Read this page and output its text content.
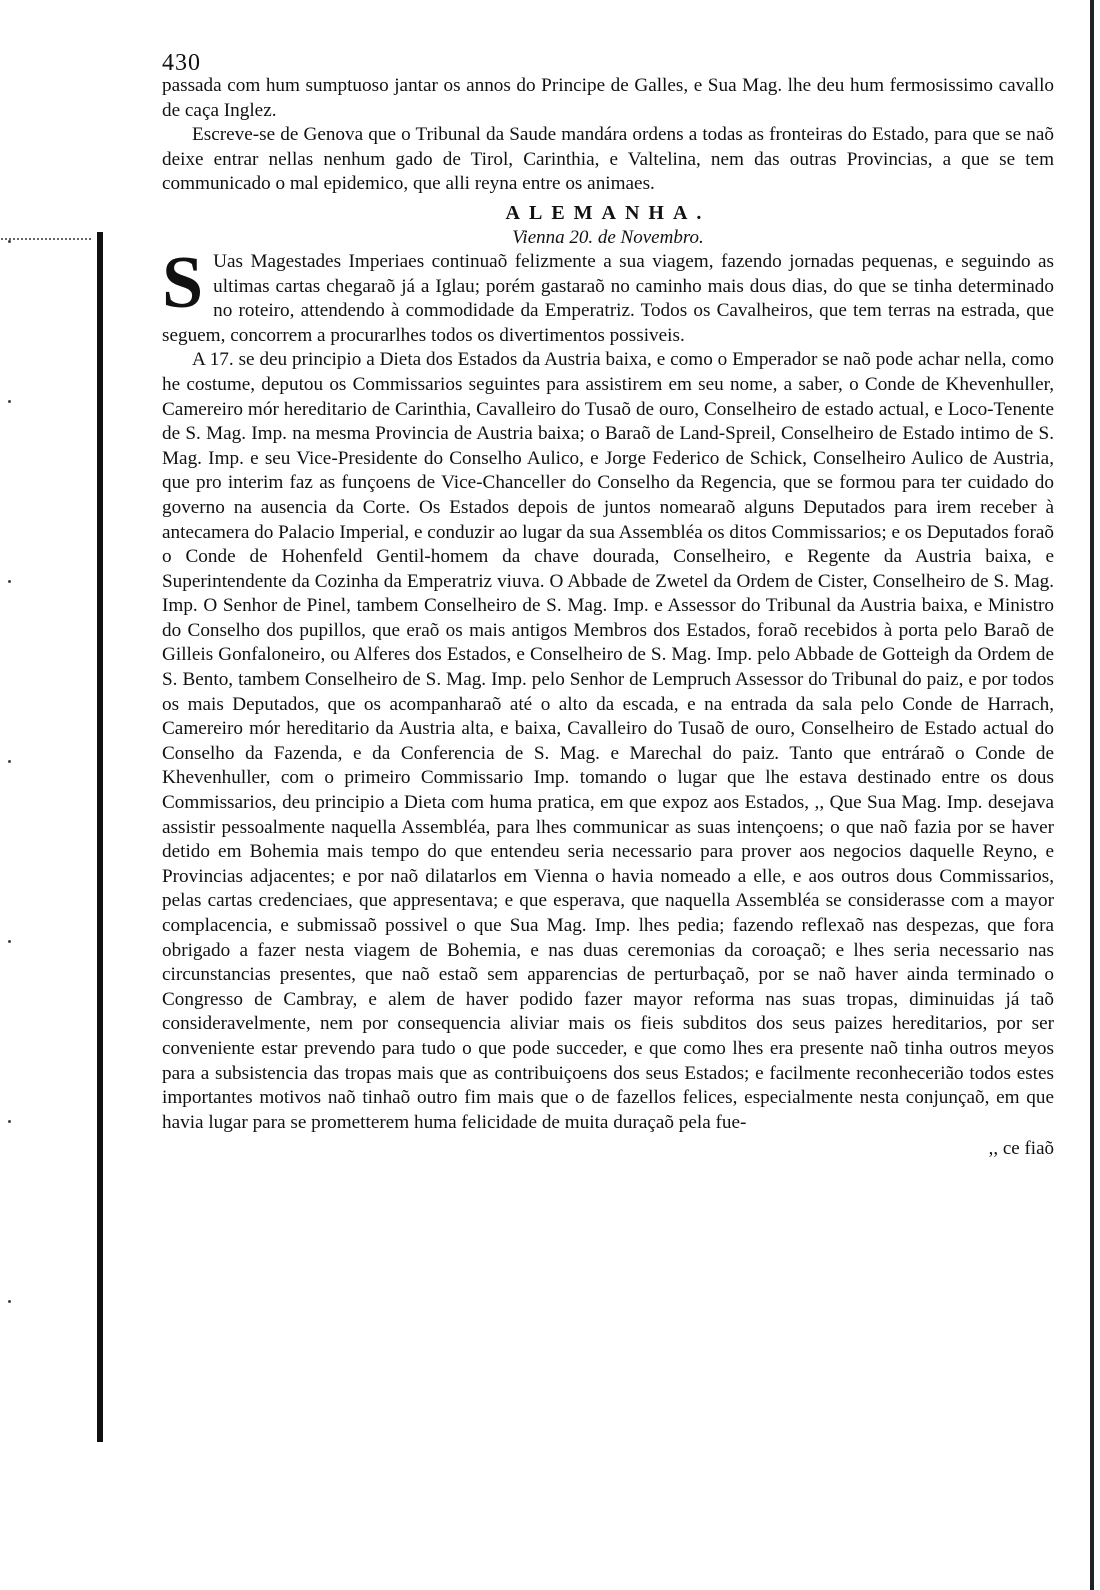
430

passada com hum sumptuoso jantar os annos do Principe de Galles, e Sua Mag. lhe deu hum fermosissimo cavallo de caça Inglez.

Escreve-se de Genova que o Tribunal da Saude mandára ordens a todas as fronteiras do Estado, para que se naõ deixe entrar nellas nenhum gado de Tirol, Carinthia, e Valtelina, nem das outras Provincias, a que se tem communicado o mal epidemico, que alli reyna entre os animaes.

ALEMANHA.
Vienna 20. de Novembro.

S Uas Magestades Imperiaes continuaõ felizmente a sua viagem, fazendo jornadas pequenas, e seguindo as ultimas cartas chegaraõ já a Iglau; porém gastaraõ no caminho mais dous dias, do que se tinha determinado no roteiro, attendendo à commodidade da Emperatriz. Todos os Cavalheiros, que tem terras na estrada, que seguem, concorrem a procurarlhes todos os divertimentos possiveis.

A 17. se deu principio a Dieta dos Estados da Austria baixa, e como o Emperador se naõ pode achar nella, como he costume, deputou os Commissarios seguintes para assistirem em seu nome, a saber, o Conde de Khevenhuller, Camereiro mór hereditario de Carinthia, Cavalleiro do Tusaõ de ouro, Conselheiro de estado actual, e Loco-Tenente de S. Mag. Imp. na mesma Provincia de Austria baixa; o Baraõ de Land-Spreil, Conselheiro de Estado intimo de S. Mag. Imp. e seu Vice-Presidente do Conselho Aulico, e Jorge Federico de Schick, Conselheiro Aulico de Austria, que pro interim faz as funçoens de Vice-Chanceller do Conselho da Regencia, que se formou para ter cuidado do governo na ausencia da Corte. Os Estados depois de juntos nomearaõ alguns Deputados para irem receber à antecamera do Palacio Imperial, e conduzir ao lugar da sua Assembléa os ditos Commissarios; e os Deputados foraõ o Conde de Hohenfeld Gentil-homem da chave dourada, Conselheiro, e Regente da Austria baixa, e Superintendente da Cozinha da Emperatriz viuva. O Abbade de Zwetel da Ordem de Cister, Conselheiro de S. Mag. Imp. O Senhor de Pinel, tambem Conselheiro de S. Mag. Imp. e Assessor do Tribunal da Austria baixa, e Ministro do Conselho dos pupillos, que eraõ os mais antigos Membros dos Estados, foraõ recebidos à porta pelo Baraõ de Gilleis Gonfaloneiro, ou Alferes dos Estados, e Conselheiro de S. Mag. Imp. pelo Abbade de Gotteigh da Ordem de S. Bento, tambem Conselheiro de S. Mag. Imp. pelo Senhor de Lempruch Assessor do Tribunal do paiz, e por todos os mais Deputados, que os acompanharaõ até o alto da escada, e na entrada da sala pelo Conde de Harrach, Camereiro mór hereditario da Austria alta, e baixa, Cavalleiro do Tusaõ de ouro, Conselheiro de Estado actual do Conselho da Fazenda, e da Conferencia de S. Mag. e Marechal do paiz. Tanto que entráraõ o Conde de Khevenhuller, com o primeiro Commissario Imp. tomando o lugar que lhe estava destinado entre os dous Commissarios, deu principio a Dieta com huma pratica, em que expoz aos Estados, ,, Que Sua Mag. Imp. desejava assistir pessoalmente naquella Assembléa, para lhes communicar as suas intençoens; o que naõ fazia por se haver detido em Bohemia mais tempo do que entendeu seria necessario para prover aos negocios daquelle Reyno, e Provincias adjacentes; e por naõ dilatarlos em Vienna o havia nomeado a elle, e aos outros dous Commissarios, pelas cartas credenciaes, que appresentava; e que esperava, que naquella Assembléa se considerasse com a mayor complacencia, e submissaõ possivel o que Sua Mag. Imp. lhes pedia; fazendo reflexaõ nas despezas, que fora obrigado a fazer nesta viagem de Bohemia, e nas duas ceremonias da coroaçaõ; e lhes seria necessario nas circunstancias presentes, que naõ estaõ sem apparencias de perturbaçaõ, por se naõ haver ainda terminado o Congresso de Cambray, e alem de haver podido fazer mayor reforma nas suas tropas, diminuidas já taõ consideravelmente, nem por consequencia aliviar mais os fieis subditos dos seus paizes hereditarios, por ser conveniente estar prevendo para tudo o que pode succeder, e que como lhes era presente naõ tinha outros meyos para a subsistencia das tropas mais que as contribuiçoens dos seus Estados; e facilmente reconhecerião todos estes importantes motivos naõ tinhaõ outro fim mais que o de fazellos felices, especialmente nesta conjunçaõ, em que havia lugar para se prometterem huma felicidade de muita duraçaõ pela fue-

,, ce fiaõ
